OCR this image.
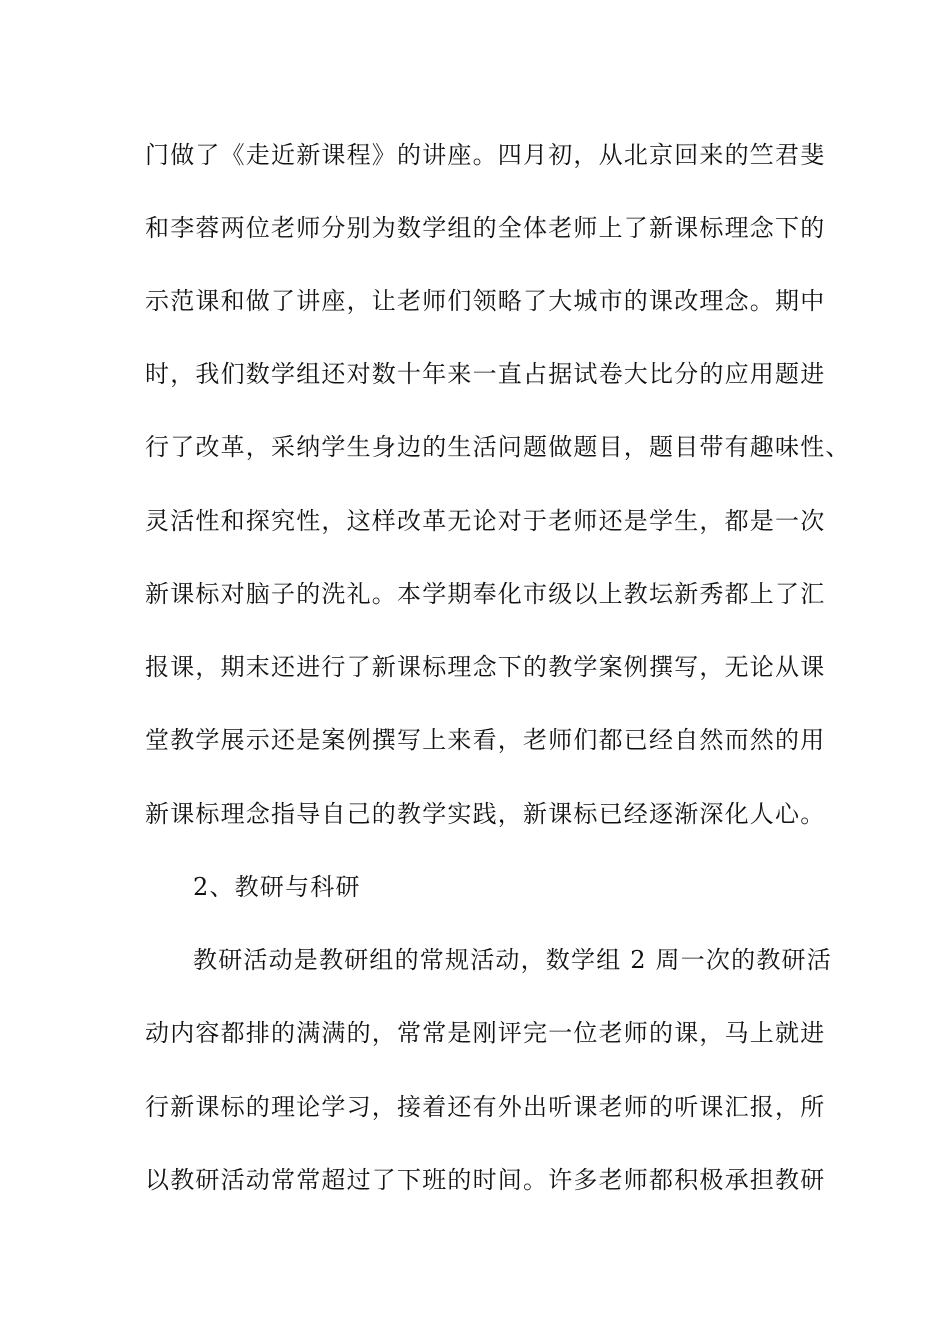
门做了《走近新课程》的讲座。四月初，从北京回来的竺君斐
和李蓉两位老师分别为数学组的全体老师上了新课标理念下的
示范课和做了讲座，让老师们领略了大城市的课改理念。期中
时，我们数学组还对数十年来一直占据试卷大比分的应用题进
行了改革，采纳学生身边的生活问题做题目，题目带有趣味性、
灵活性和探究性，这样改革无论对于老师还是学生，都是一次
新课标对脑子的洗礼。本学期奉化市级以上教坛新秀都上了汇
报课，期末还进行了新课标理念下的教学案例撰写，无论从课
堂教学展示还是案例撰写上来看，老师们都已经自然而然的用
新课标理念指导自己的教学实践，新课标已经逐渐深化人心。
2、教研与科研
教研活动是教研组的常规活动，数学组 2 周一次的教研活
动内容都排的满满的，常常是刚评完一位老师的课，马上就进
行新课标的理论学习，接着还有外出听课老师的听课汇报，所
以教研活动常常超过了下班的时间。许多老师都积极承担教研
